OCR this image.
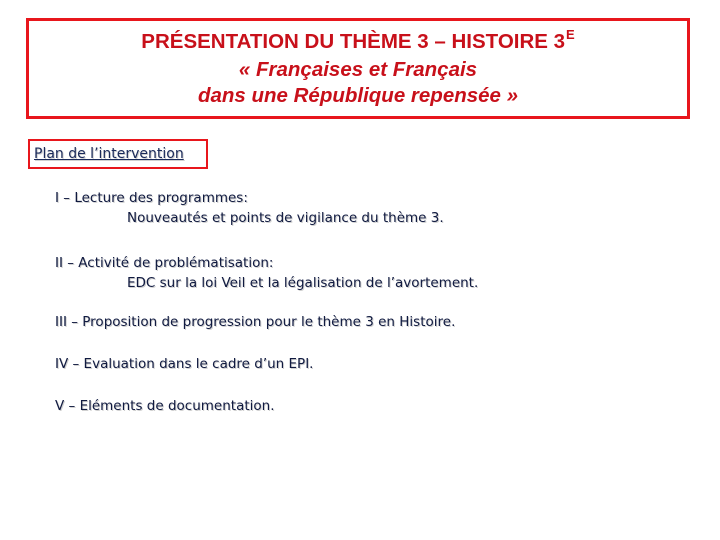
PRÉSENTATION DU THÈME 3 – HISTOIRE $3^E$
« Françaises et Français
dans une République repensée »
Plan de l’intervention
I – Lecture des programmes:
Nouveautés et points de vigilance du thème 3.
II – Activité de problématisation:
EDC sur la loi Veil et la légalisation de l’avortement.
III – Proposition de progression pour le thème 3 en Histoire.
IV – Evaluation dans le cadre d’un EPI.
V – Eléments de documentation.
